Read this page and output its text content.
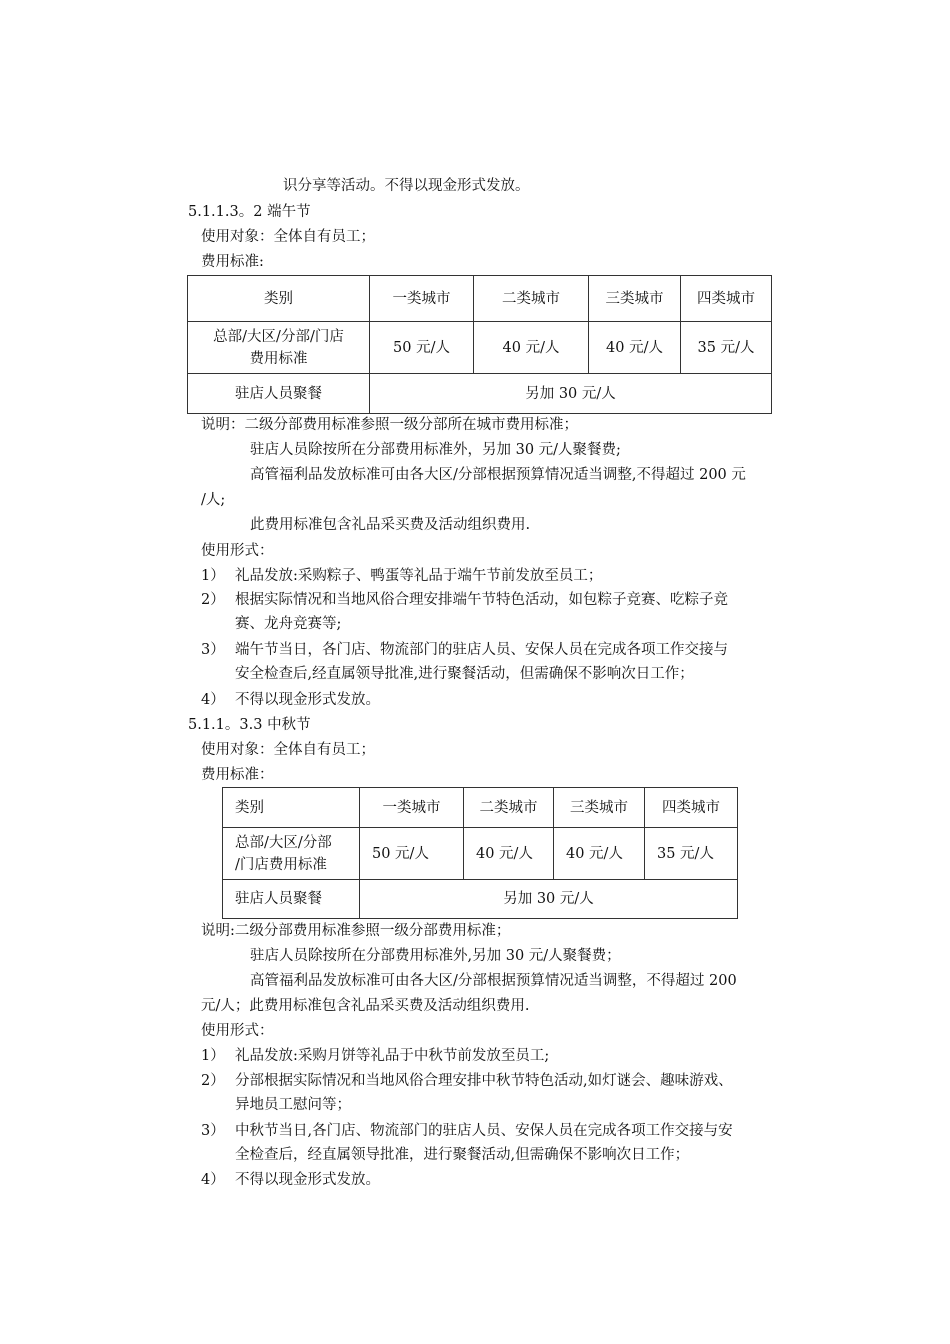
识分享等活动。不得以现金形式发放。
5.1.1.3。2 端午节
使用对象：全体自有员工；
费用标准:
类别	一类城市	二类城市	三类城市	四类城市

总部/大区/分部/门店
费用标准	50 元/人	40 元/人	40 元/人	35 元/人
驻店人员聚餐	另加 30 元/人			
说明：二级分部费用标准参照一级分部所在城市费用标准；
驻店人员除按所在分部费用标准外，另加 30 元/人聚餐费;
高管福利品发放标准可由各大区/分部根据预算情况适当调整,不得超过 200 元
/人;
此费用标准包含礼品采买费及活动组织费用.
使用形式：
1） 礼品发放:采购粽子、鸭蛋等礼品于端午节前发放至员工；
2） 根据实际情况和当地风俗合理安排端午节特色活动，如包粽子竞赛、吃粽子竞
赛、龙舟竞赛等;
3） 端午节当日，各门店、物流部门的驻店人员、安保人员在完成各项工作交接与
安全检查后,经直属领导批准,进行聚餐活动，但需确保不影响次日工作；
4） 不得以现金形式发放。
5.1.1。3.3 中秋节
使用对象：全体自有员工；
费用标准：
类别	一类城市	二类城市	三类城市	四类城市

总部/大区/分部
/门店费用标准	50 元/人	40 元/人	40 元/人	35 元/人
驻店人员聚餐	另加 30 元/人			
说明:二级分部费用标准参照一级分部费用标准；
驻店人员除按所在分部费用标准外,另加 30 元/人聚餐费；
高管福利品发放标准可由各大区/分部根据预算情况适当调整，不得超过 200
元/人；此费用标准包含礼品采买费及活动组织费用.
使用形式：
1） 礼品发放:采购月饼等礼品于中秋节前发放至员工;
2） 分部根据实际情况和当地风俗合理安排中秋节特色活动,如灯谜会、趣味游戏、
异地员工慰问等；
3） 中秋节当日,各门店、物流部门的驻店人员、安保人员在完成各项工作交接与安
全检查后，经直属领导批准，进行聚餐活动,但需确保不影响次日工作；
4） 不得以现金形式发放。
